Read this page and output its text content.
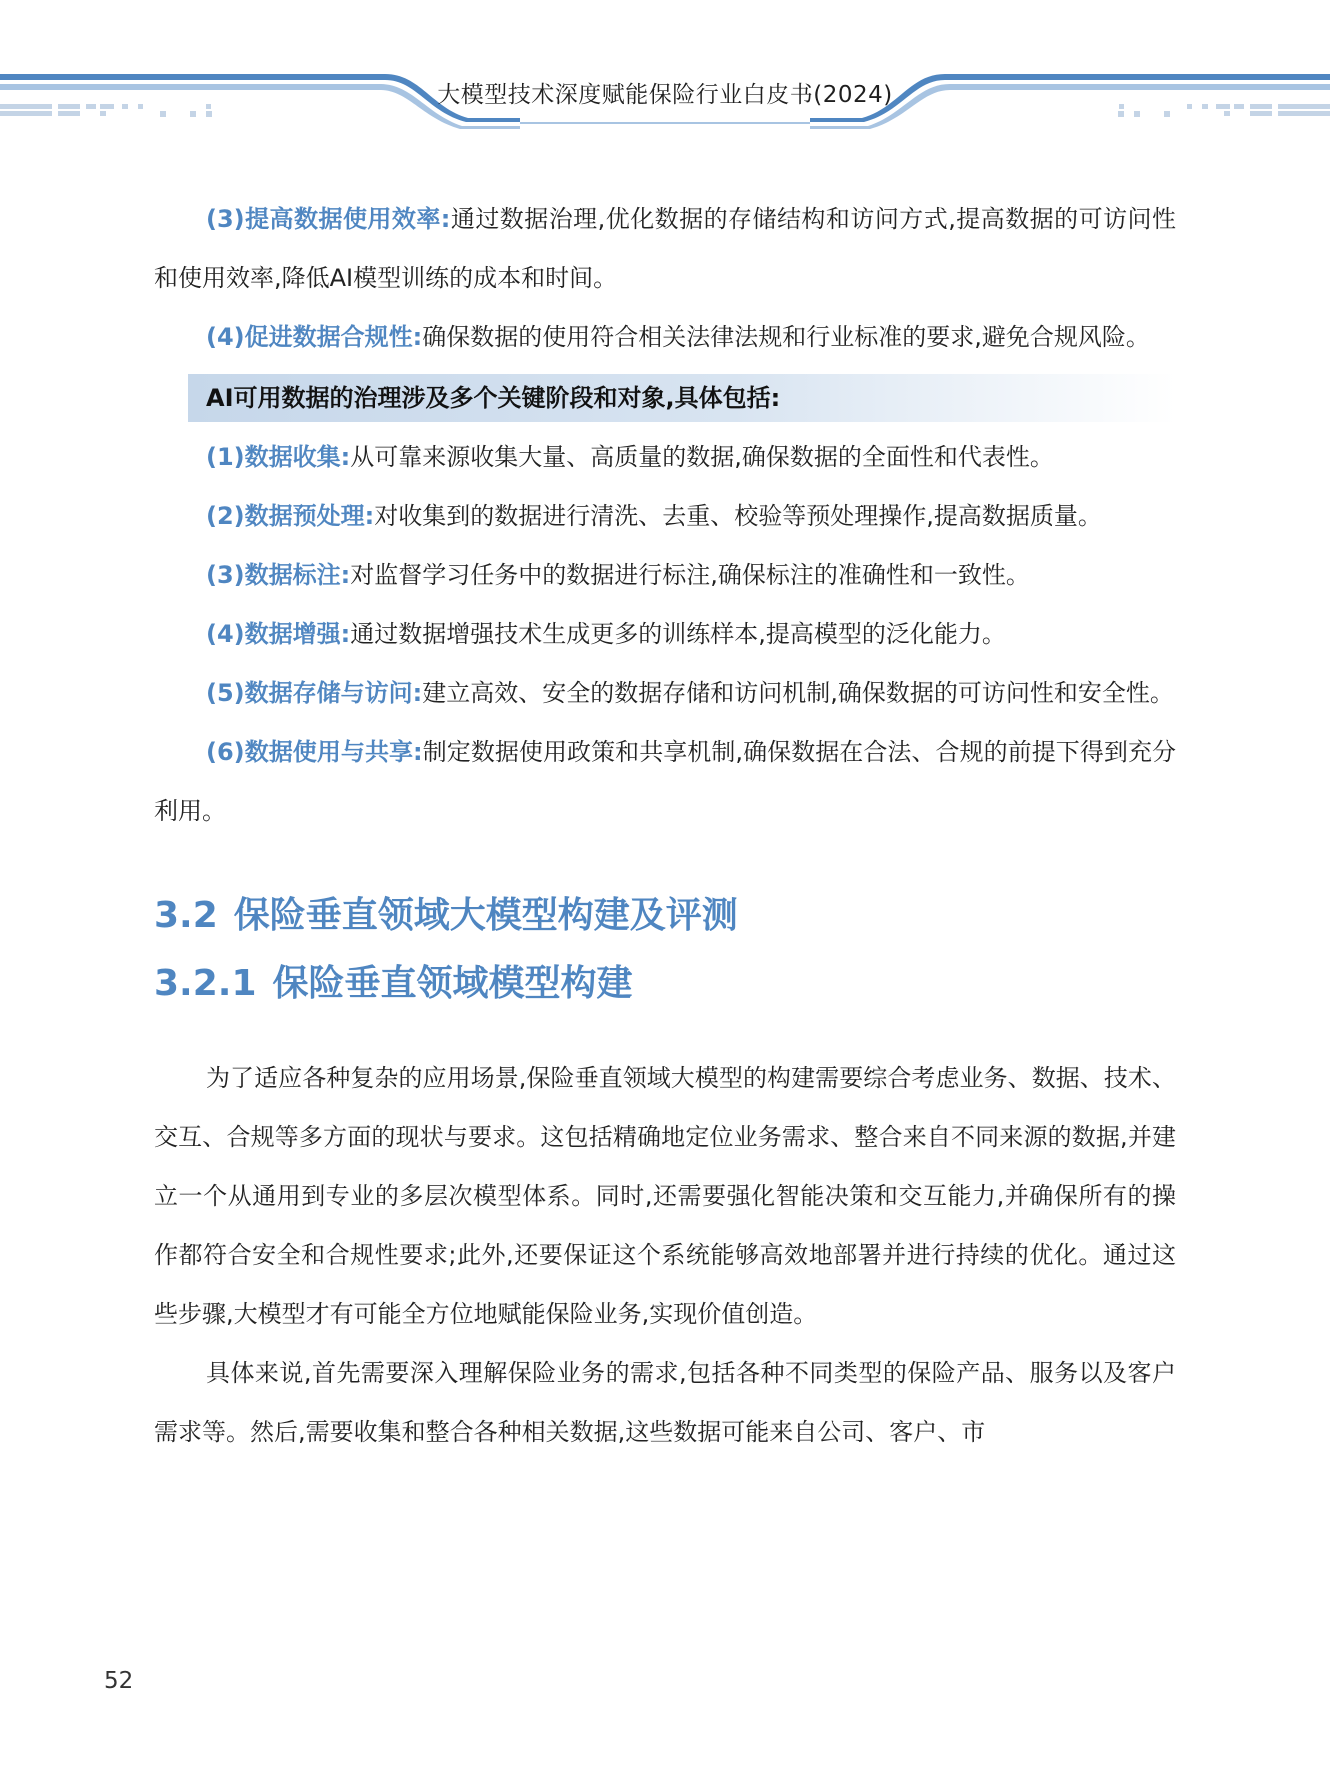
大模型技术深度赋能保险行业白皮书(2024)

(3)提高数据使用效率:通过数据治理,优化数据的存储结构和访问方式,提高数据的可访问性和使用效率,降低AI模型训练的成本和时间。

(4)促进数据合规性:确保数据的使用符合相关法律法规和行业标准的要求,避免合规风险。

AI可用数据的治理涉及多个关键阶段和对象,具体包括:

(1)数据收集:从可靠来源收集大量、高质量的数据,确保数据的全面性和代表性。

(2)数据预处理:对收集到的数据进行清洗、去重、校验等预处理操作,提高数据质量。

(3)数据标注:对监督学习任务中的数据进行标注,确保标注的准确性和一致性。

(4)数据增强:通过数据增强技术生成更多的训练样本,提高模型的泛化能力。

(5)数据存储与访问:建立高效、安全的数据存储和访问机制,确保数据的可访问性和安全性。

(6)数据使用与共享:制定数据使用政策和共享机制,确保数据在合法、合规的前提下得到充分利用。

3.2 保险垂直领域大模型构建及评测
3.2.1 保险垂直领域模型构建

为了适应各种复杂的应用场景,保险垂直领域大模型的构建需要综合考虑业务、数据、技术、交互、合规等多方面的现状与要求。这包括精确地定位业务需求、整合来自不同来源的数据,并建立一个从通用到专业的多层次模型体系。同时,还需要强化智能决策和交互能力,并确保所有的操作都符合安全和合规性要求;此外,还要保证这个系统能够高效地部署并进行持续的优化。通过这些步骤,大模型才有可能全方位地赋能保险业务,实现价值创造。

具体来说,首先需要深入理解保险业务的需求,包括各种不同类型的保险产品、服务以及客户需求等。然后,需要收集和整合各种相关数据,这些数据可能来自公司、客户、市

52
